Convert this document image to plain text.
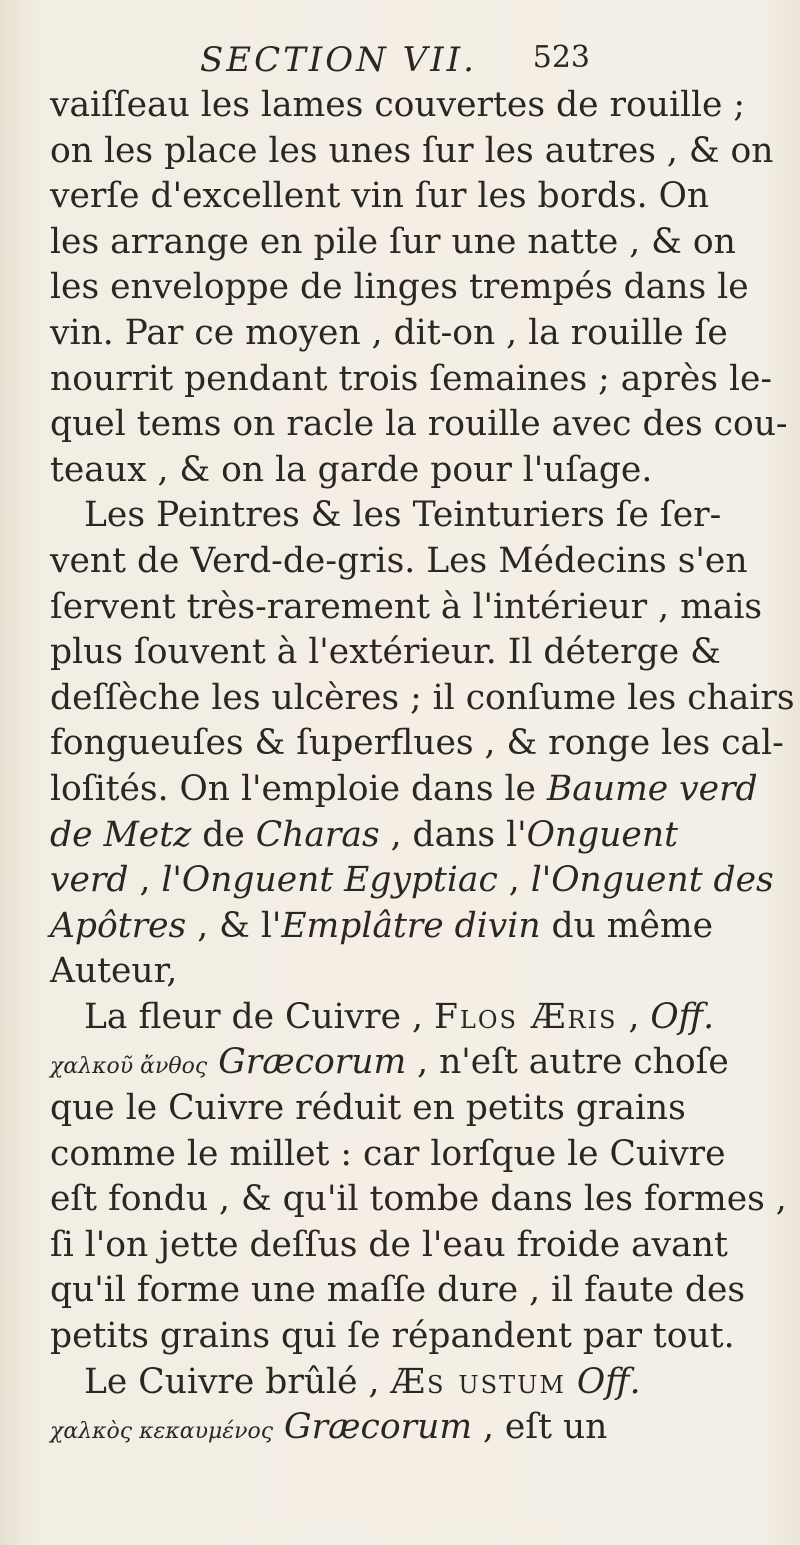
SECTION VII. 523
vaiſſeau les lames couvertes de rouille ;
on les place les unes ſur les autres , & on
verſe d'excellent vin ſur les bords. On
les arrange en pile ſur une natte , & on
les enveloppe de linges trempés dans le
vin. Par ce moyen , dit-on , la rouille ſe
nourrit pendant trois ſemaines ; après le-
quel tems on racle la rouille avec des cou-
teaux , & on la garde pour l'uſage.
Les Peintres & les Teinturiers ſe ſer-
vent de Verd-de-gris. Les Médecins s'en
ſervent très-rarement à l'intérieur , mais
plus ſouvent à l'extérieur. Il déterge &
deſſèche les ulcères ; il conſume les chairs
fongueuſes & ſuperflues , & ronge les cal-
loſités. On l'emploie dans le Baume verd
de Metz de Charas , dans l'Onguent
verd , l'Onguent Egyptiac , l'Onguent des
Apôtres , & l'Emplâtre divin du même
Auteur,
La fleur de Cuivre , Flos Æris , Off.
χαλκοῦ ἄνθος Græcorum , n'eſt autre choſe
que le Cuivre réduit en petits grains
comme le millet : car lorſque le Cuivre
eſt fondu , & qu'il tombe dans les formes ,
ſi l'on jette deſſus de l'eau froide avant
qu'il forme une maſſe dure , il faute des
petits grains qui ſe répandent par tout.
Le Cuivre brûlé , Æs ustum Off.
χαλκὸς κεκαυμένος Græcorum , eſt un
